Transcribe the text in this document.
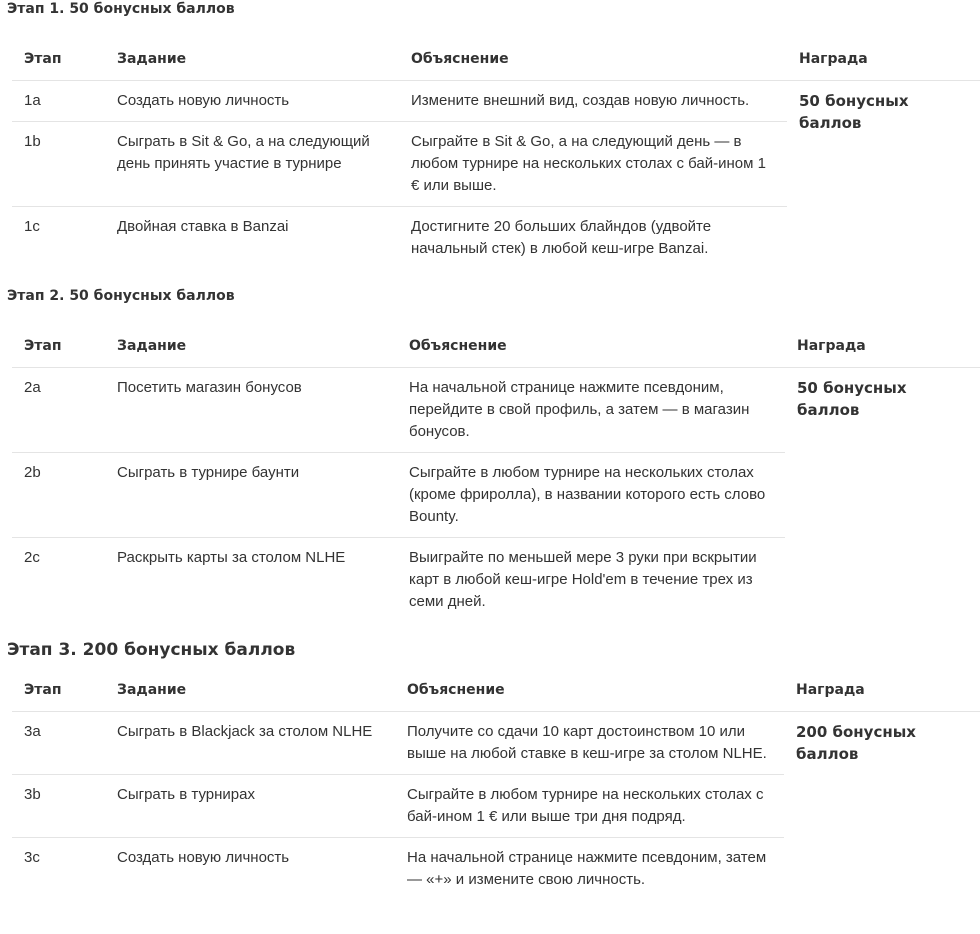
Этап 1. 50 бонусных баллов
Этап	Задание	Объяснение	Награда
1a	Создать новую личность	Измените внешний вид, создав новую личность.	50 бонусных баллов
1b	Сыграть в Sit & Go, а на следующий день принять участие в турнире	Сыграйте в Sit & Go, а на следующий день — в любом турнире на нескольких столах с бай-ином 1 € или выше.	
1c	Двойная ставка в Banzai	Достигните 20 больших блайндов (удвойте начальный стек) в любой кеш-игре Banzai.	
Этап 2. 50 бонусных баллов
Этап	Задание	Объяснение	Награда
2a	Посетить магазин бонусов	На начальной странице нажмите псевдоним, перейдите в свой профиль, а затем — в магазин бонусов.	50 бонусных баллов
2b	Сыграть в турнире баунти	Сыграйте в любом турнире на нескольких столах (кроме фриролла), в названии которого есть слово Bounty.	
2c	Раскрыть карты за столом NLHE	Выиграйте по меньшей мере 3 руки при вскрытии карт в любой кеш-игре Hold'em в течение трех из семи дней.	
Этап 3. 200 бонусных баллов
Этап	Задание	Объяснение	Награда
3a	Сыграть в Blackjack за столом NLHE	Получите со сдачи 10 карт достоинством 10 или выше на любой ставке в кеш-игре за столом NLHE.	200 бонусных баллов
3b	Сыграть в турнирах	Сыграйте в любом турнире на нескольких столах с бай-ином 1 € или выше три дня подряд.	
3c	Создать новую личность	На начальной странице нажмите псевдоним, затем — «+» и измените свою личность.	
